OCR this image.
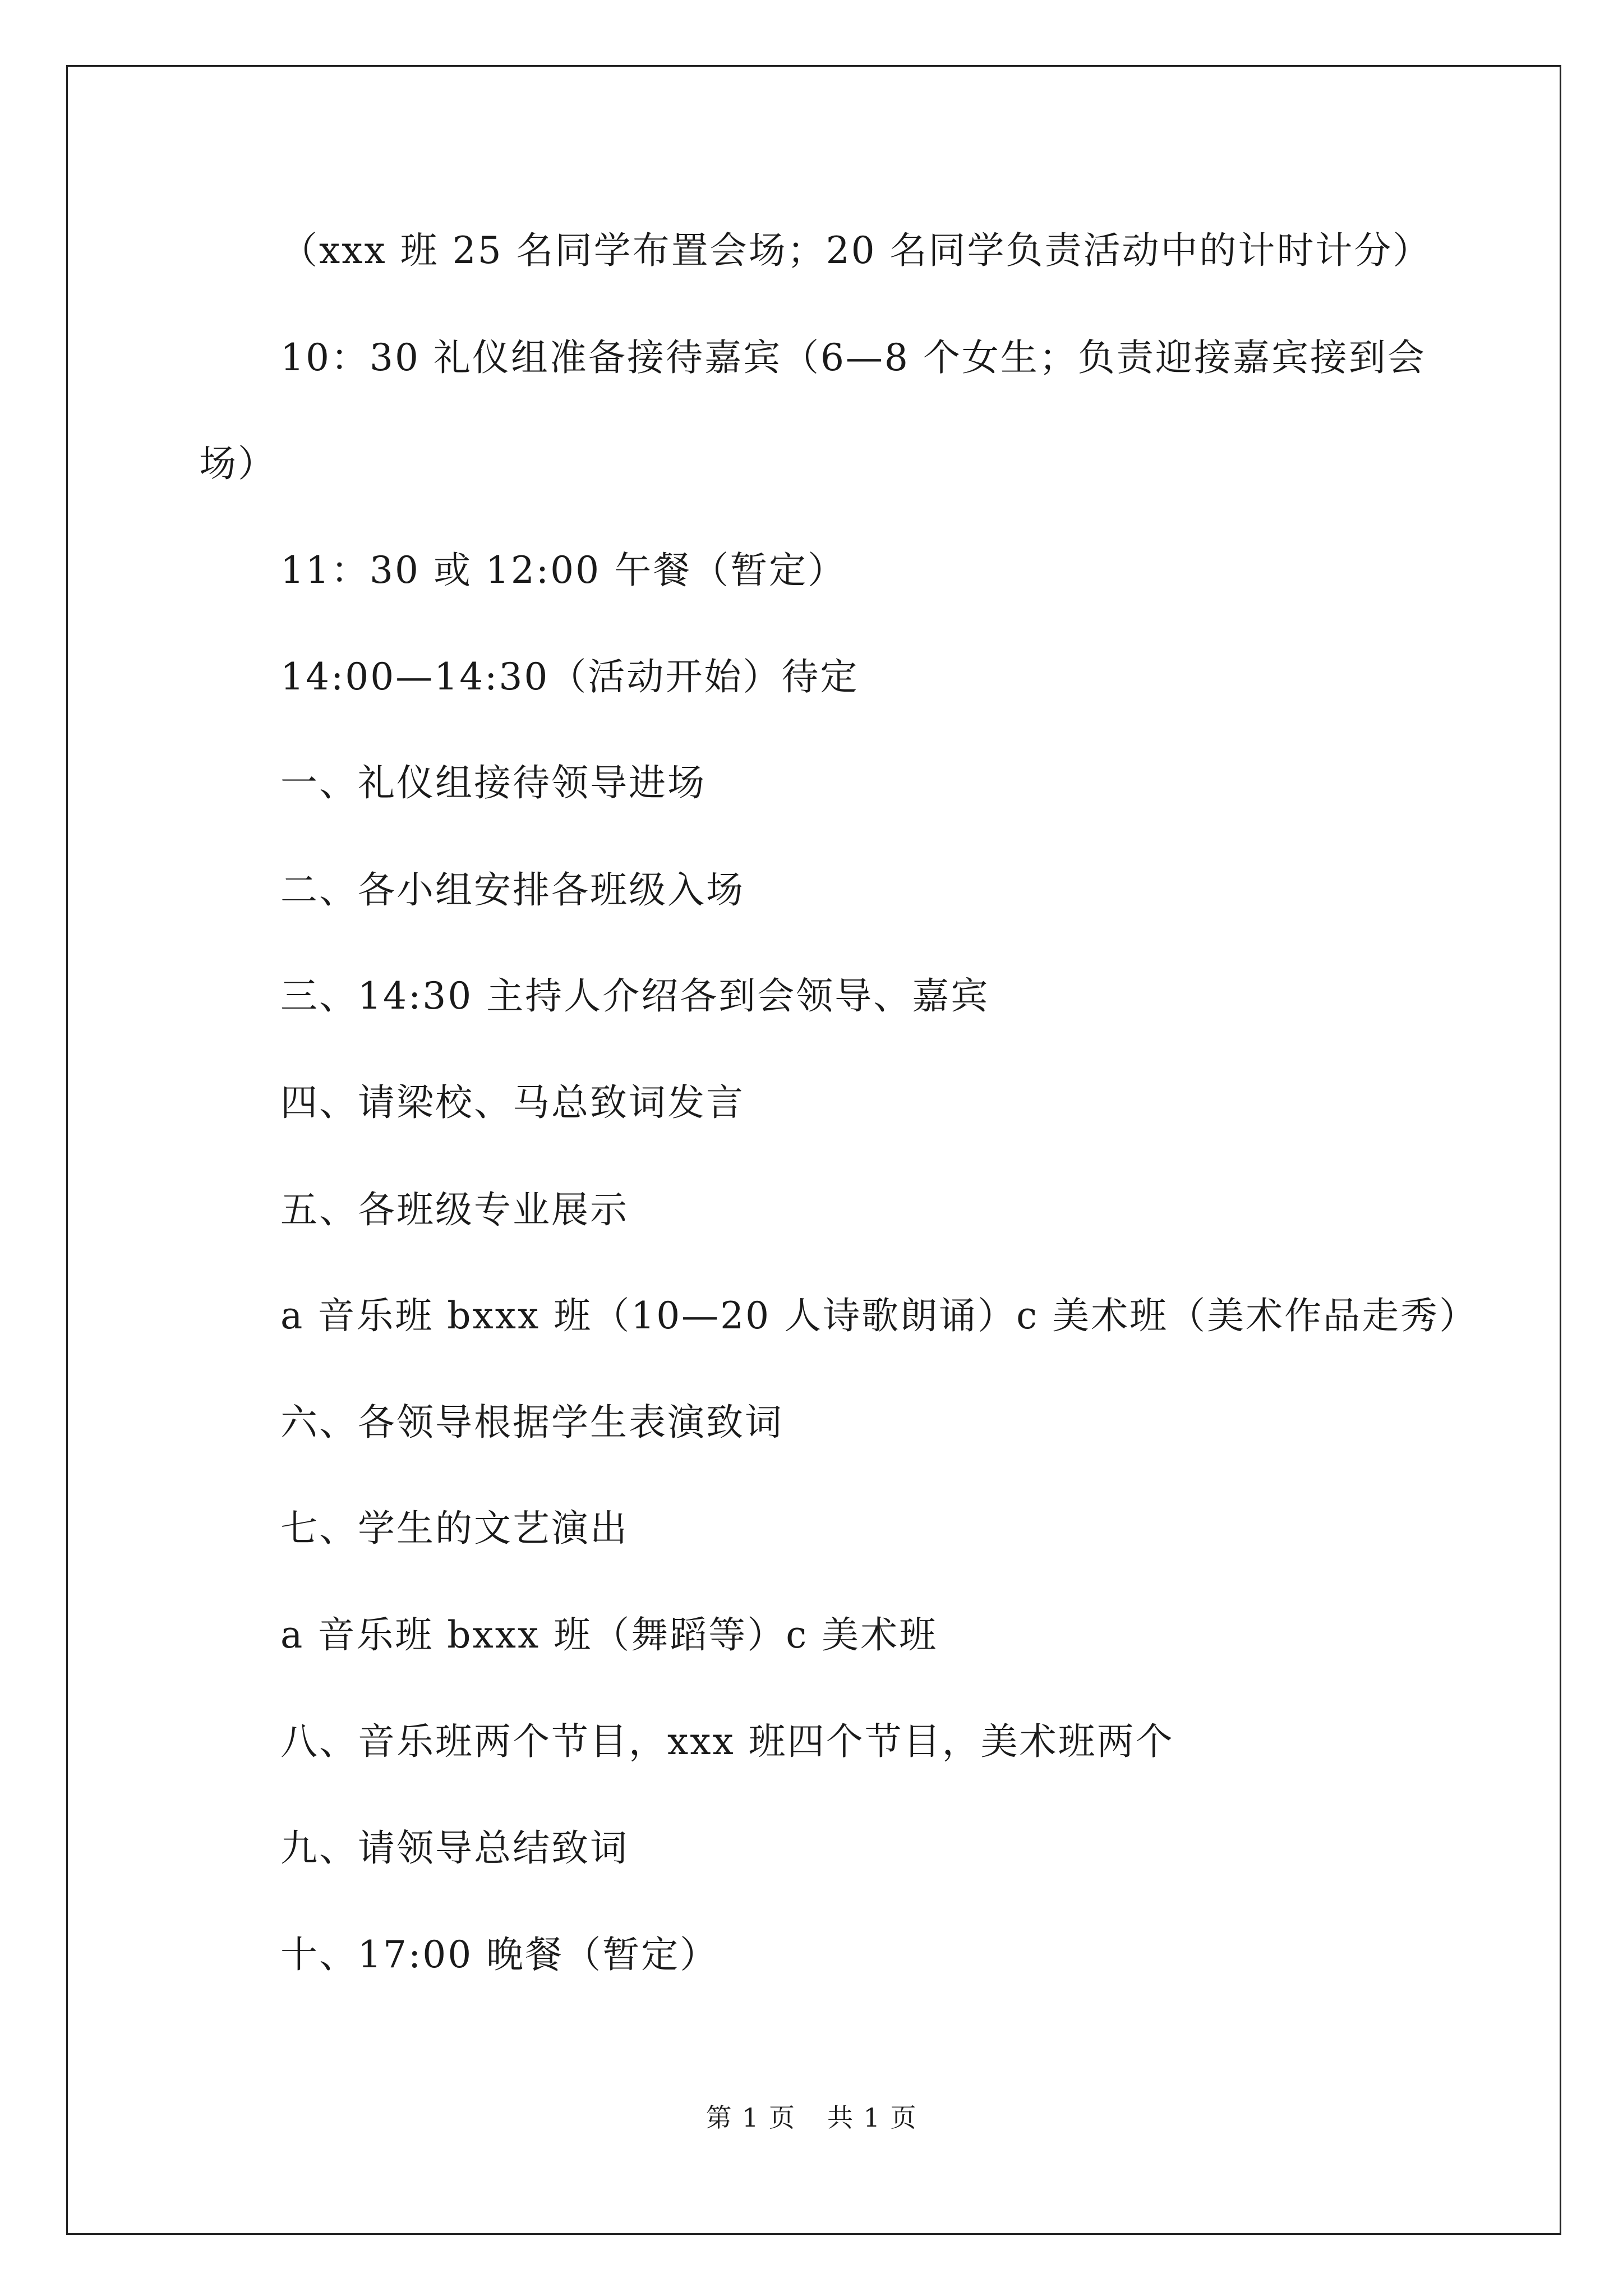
（xxx 班 25 名同学布置会场；20 名同学负责活动中的计时计分）
10：30 礼仪组准备接待嘉宾（6—8 个女生；负责迎接嘉宾接到会
场）
11：30 或 12:00 午餐（暂定）
14:00—14:30（活动开始）待定
一、礼仪组接待领导进场
二、各小组安排各班级入场
三、14:30 主持人介绍各到会领导、嘉宾
四、请梁校、马总致词发言
五、各班级专业展示
a 音乐班 bxxx 班（10—20 人诗歌朗诵）c 美术班（美术作品走秀）
六、各领导根据学生表演致词
七、学生的文艺演出
a 音乐班 bxxx 班（舞蹈等）c 美术班
八、音乐班两个节目，xxx 班四个节目，美术班两个
九、请领导总结致词
十、17:00 晚餐（暂定）
第 1 页 共 1 页
